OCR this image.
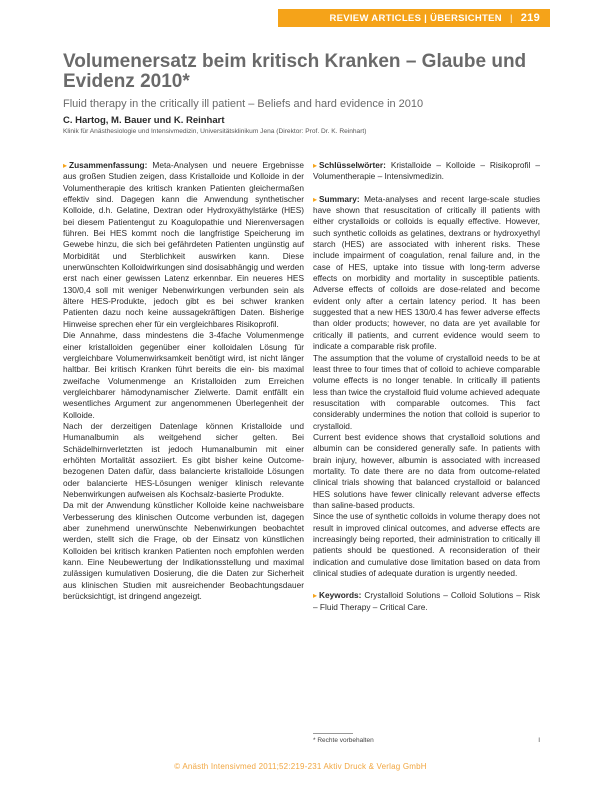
REVIEW ARTICLES | ÜBERSICHTEN | 219
Volumenersatz beim kritisch Kranken – Glaube und Evidenz 2010*
Fluid therapy in the critically ill patient – Beliefs and hard evidence in 2010
C. Hartog, M. Bauer und K. Reinhart
Klinik für Anästhesiologie und Intensivmedizin, Universitätsklinikum Jena (Direktor: Prof. Dr. K. Reinhart)

▸ Zusammenfassung: Meta-Analysen und neuere Ergebnisse aus großen Studien zeigen, dass Kristalloide und Kolloide in der Volumentherapie des kritisch kranken Patienten gleichermaßen effektiv sind. Dagegen kann die Anwendung synthetischer Kolloide, d.h. Gelatine, Dextran oder Hydroxyäthylstärke (HES) bei diesem Patientengut zu Koagulopathie und Nierenversagen führen. Bei HES kommt noch die langfristige Speicherung im Gewebe hinzu, die sich bei gefährdeten Patienten ungünstig auf Morbidität und Sterblichkeit auswirken kann. Diese unerwünschten Kolloidwirkungen sind dosisabhängig und werden erst nach einer gewissen Latenz erkennbar. Ein neueres HES 130/0,4 soll mit weniger Nebenwirkungen verbunden sein als ältere HES-Produkte, jedoch gibt es bei schwer kranken Patienten dazu noch keine aussagekräftigen Daten. Bisherige Hinweise sprechen eher für ein vergleichbares Risikoprofil.

Die Annahme, dass mindestens die 3-4fache Volumenmenge einer kristalloiden gegenüber einer kolloidalen Lösung für vergleichbare Volumenwirksamkeit benötigt wird, ist nicht länger haltbar. Bei kritisch Kranken führt bereits die ein- bis maximal zweifache Volumenmenge an Kristalloiden zum Erreichen vergleichbarer hämodynamischer Zielwerte. Damit entfällt ein wesentliches Argument zur angenommenen Überlegenheit der Kolloide.

Nach der derzeitigen Datenlage können Kristalloide und Humanalbumin als weitgehend sicher gelten. Bei Schädelhirnverletzten ist jedoch Humanalbumin mit einer erhöhten Mortalität assoziiert. Es gibt bisher keine Outcome-bezogenen Daten dafür, dass balancierte kristalloide Lösungen oder balancierte HES-Lösungen weniger klinisch relevante Nebenwirkungen aufweisen als Kochsalz-basierte Produkte.

Da mit der Anwendung künstlicher Kolloide keine nachweisbare Verbesserung des klinischen Outcome verbunden ist, dagegen aber zunehmend unerwünschte Nebenwirkungen beobachtet werden, stellt sich die Frage, ob der Einsatz von künstlichen Kolloiden bei kritisch kranken Patienten noch empfohlen werden kann. Eine Neubewertung der Indikationsstellung und maximal zulässigen kumulativen Dosierung, die die Daten zur Sicherheit aus klinischen Studien mit ausreichender Beobachtungsdauer berücksichtigt, ist dringend angezeigt.

▸ Schlüsselwörter: Kristalloide – Kolloide – Risikoprofil – Volumentherapie – Intensivmedizin.

▸ Summary: Meta-analyses and recent large-scale studies have shown that resuscitation of critically ill patients with either crystalloids or colloids is equally effective. However, such synthetic colloids as gelatines, dextrans or hydroxyethyl starch (HES) are associated with inherent risks. These include impairment of coagulation, renal failure and, in the case of HES, uptake into tissue with long-term adverse effects on morbidity and mortality in susceptible patients. Adverse effects of colloids are dose-related and become evident only after a certain latency period. It has been suggested that a new HES 130/0.4 has fewer adverse effects than older products; however, no data are yet available for critically ill patients, and current evidence would seem to indicate a comparable risk profile.

The assumption that the volume of crystalloid needs to be at least three to four times that of colloid to achieve comparable volume effects is no longer tenable. In critically ill patients less than twice the crystalloid fluid volume achieved adequate resuscitation with comparable outcomes. This fact considerably undermines the notion that colloid is superior to crystalloid.

Current best evidence shows that crystalloid solutions and albumin can be considered generally safe. In patients with brain injury, however, albumin is associated with increased mortality. To date there are no data from outcome-related clinical trials showing that balanced crystalloid or balanced HES solutions have fewer clinically relevant adverse effects than saline-based products.

Since the use of synthetic colloids in volume therapy does not result in improved clinical outcomes, and adverse effects are increasingly being reported, their administration to critically ill patients should be questioned. A reconsideration of their indication and cumulative dose limitation based on data from clinical studies of adequate duration is urgently needed.

▸ Keywords: Crystalloid Solutions – Colloid Solutions – Risk – Fluid Therapy – Critical Care.

* Rechte vorbehalten	I
© Anästh Intensivmed 2011;52:219-231 Aktiv Druck & Verlag GmbH
